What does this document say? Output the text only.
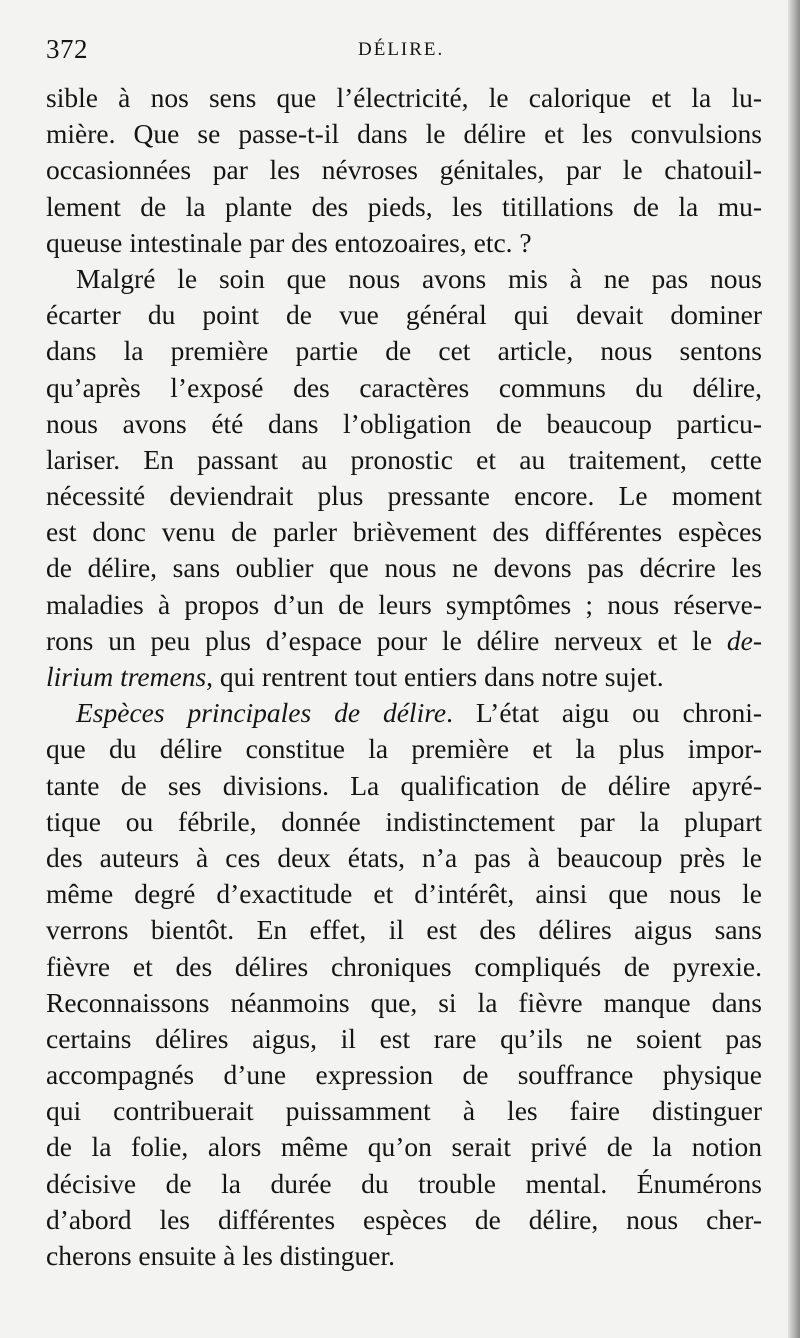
372	DÉLIRE.
sible à nos sens que l’électricité, le calorique et la lu-
mière. Que se passe-t-il dans le délire et les convulsions
occasionnées par les névroses génitales, par le chatouil-
lement de la plante des pieds, les titillations de la mu-
queuse intestinale par des entozoaires, etc. ?
Malgré le soin que nous avons mis à ne pas nous
écarter du point de vue général qui devait dominer
dans la première partie de cet article, nous sentons
qu’après l’exposé des caractères communs du délire,
nous avons été dans l’obligation de beaucoup particu-
lariser. En passant au pronostic et au traitement, cette
nécessité deviendrait plus pressante encore. Le moment
est donc venu de parler brièvement des différentes espèces
de délire, sans oublier que nous ne devons pas décrire les
maladies à propos d’un de leurs symptômes ; nous réserve-
rons un peu plus d’espace pour le délire nerveux et le de-
lirium tremens, qui rentrent tout entiers dans notre sujet.
Espèces principales de délire. L’état aigu ou chroni-
que du délire constitue la première et la plus impor-
tante de ses divisions. La qualification de délire apyré-
tique ou fébrile, donnée indistinctement par la plupart
des auteurs à ces deux états, n’a pas à beaucoup près le
même degré d’exactitude et d’intérêt, ainsi que nous le
verrons bientôt. En effet, il est des délires aigus sans
fièvre et des délires chroniques compliqués de pyrexie.
Reconnaissons néanmoins que, si la fièvre manque dans
certains délires aigus, il est rare qu’ils ne soient pas
accompagnés d’une expression de souffrance physique
qui contribuerait puissamment à les faire distinguer
de la folie, alors même qu’on serait privé de la notion
décisive de la durée du trouble mental. Énumérons
d’abord les différentes espèces de délire, nous cher-
cherons ensuite à les distinguer.
